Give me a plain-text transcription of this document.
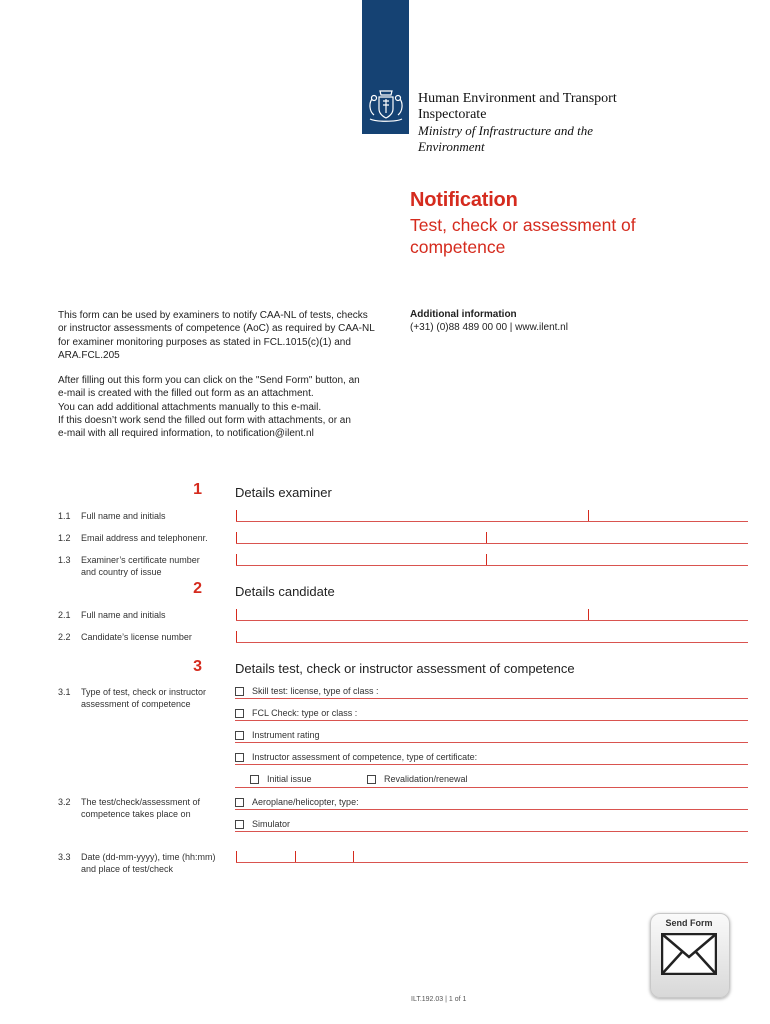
Human Environment and Transport
Inspectorate
Ministry of Infrastructure and the
Environment
Notification
Test, check or assessment of
competence

This form can be used by examiners to notify CAA-NL of tests, checks
or instructor assessments of competence (AoC) as required by CAA-NL
for examiner monitoring purposes as stated in FCL.1015(c)(1) and
ARA.FCL.205

After filling out this form you can click on the "Send Form" button, an
e-mail is created with the filled out form as an attachment.
You can add additional attachments manually to this e-mail.
If this doesn’t work send the filled out form with attachments, or an
e-mail with all required information, to notification@ilent.nl

Additional information
(+31) (0)88 489 00 00 | www.ilent.nl
1	Details examiner
1.1 Full name and initials
1.2 Email address and telephonenr.
1.3 Examiner’s certificate number
and country of issue
2	Details candidate
2.1 Full name and initials
2.2 Candidate’s license number
3	Details test, check or instructor assessment of competence
3.1 Type of test, check or instructor
assessment of competence
Skill test: license, type of class :
FCL Check: type or class :
Instrument rating
Instructor assessment of competence, type of certificate:
Initial issue	Revalidation/renewal
3.2 The test/check/assessment of
competence takes place on
Aeroplane/helicopter, type:
Simulator
3.3 Date (dd-mm-yyyy), time (hh:mm)
and place of test/check
Send Form
ILT.192.03 | 1 of 1
